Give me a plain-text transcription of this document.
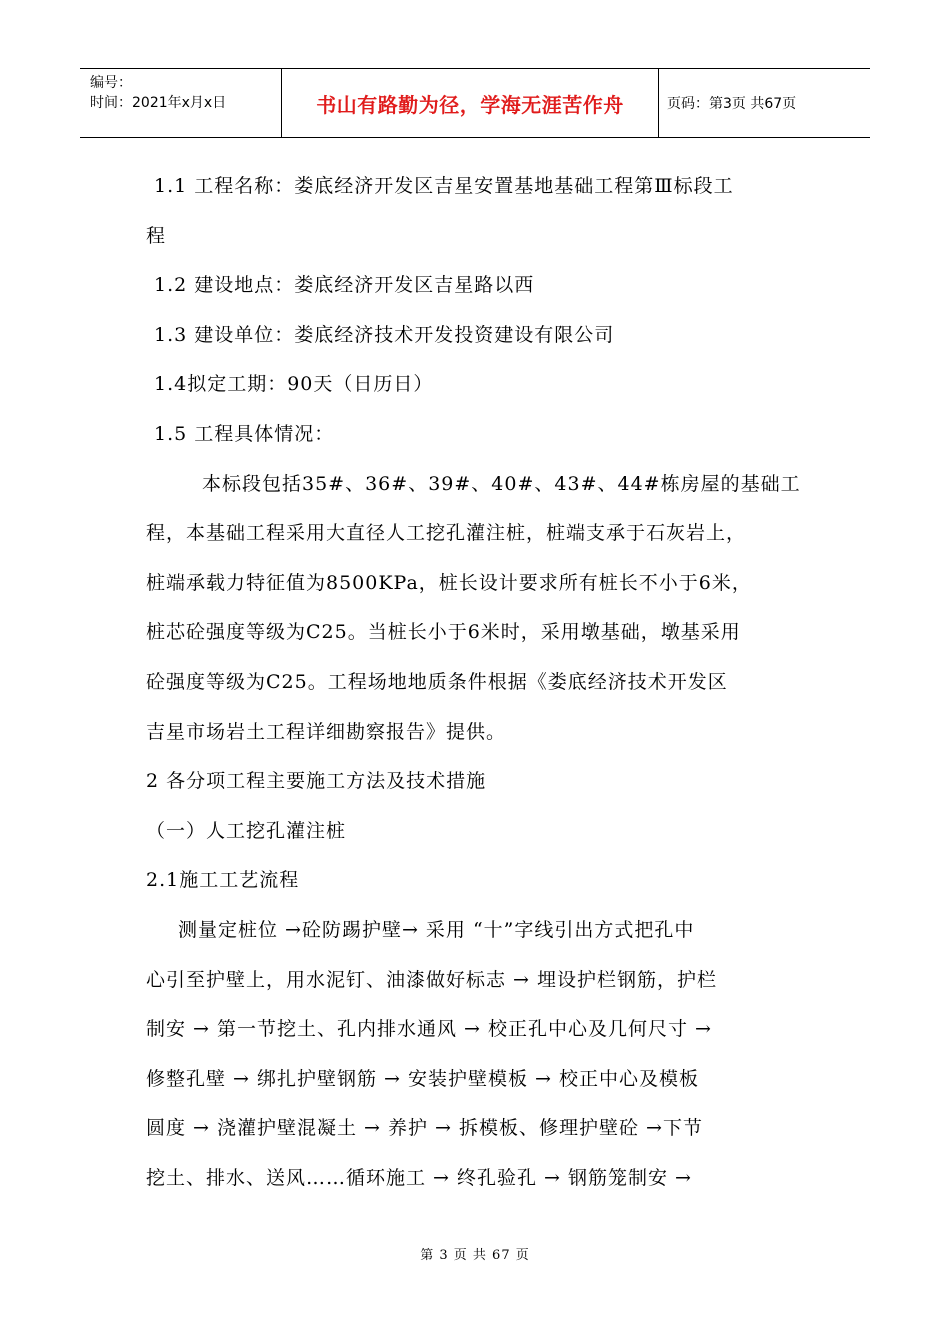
编号：
时间：2021年x月x日	书山有路勤为径，学海无涯苦作舟	页码：第3页 共67页
1.1 工程名称：娄底经济开发区吉星安置基地基础工程第Ⅲ标段工
程
1.2 建设地点：娄底经济开发区吉星路以西
1.3 建设单位：娄底经济技术开发投资建设有限公司
1.4拟定工期：90天（日历日）
1.5 工程具体情况：
本标段包括35#、36#、39#、40#、43#、44#栋房屋的基础工
程，本基础工程采用大直径人工挖孔灌注桩，桩端支承于石灰岩上，
桩端承载力特征值为8500KPa，桩长设计要求所有桩长不小于6米，
桩芯砼强度等级为C25。当桩长小于6米时，采用墩基础，墩基采用
砼强度等级为C25。工程场地地质条件根据《娄底经济技术开发区
吉星市场岩土工程详细勘察报告》提供。
2 各分项工程主要施工方法及技术措施
（一）人工挖孔灌注桩
2.1施工工艺流程
测量定桩位 →砼防踢护壁→ 采用 “十”字线引出方式把孔中
心引至护壁上，用水泥钉、油漆做好标志 → 埋设护栏钢筋，护栏
制安 → 第一节挖土、孔内排水通风 → 校正孔中心及几何尺寸 →
修整孔壁 → 绑扎护壁钢筋 → 安装护壁模板 → 校正中心及模板
圆度 → 浇灌护壁混凝土 → 养护 → 拆模板、修理护壁砼 →下节
挖土、排水、送风……循环施工 → 终孔验孔 → 钢筋笼制安 →
第 3 页 共 67 页
